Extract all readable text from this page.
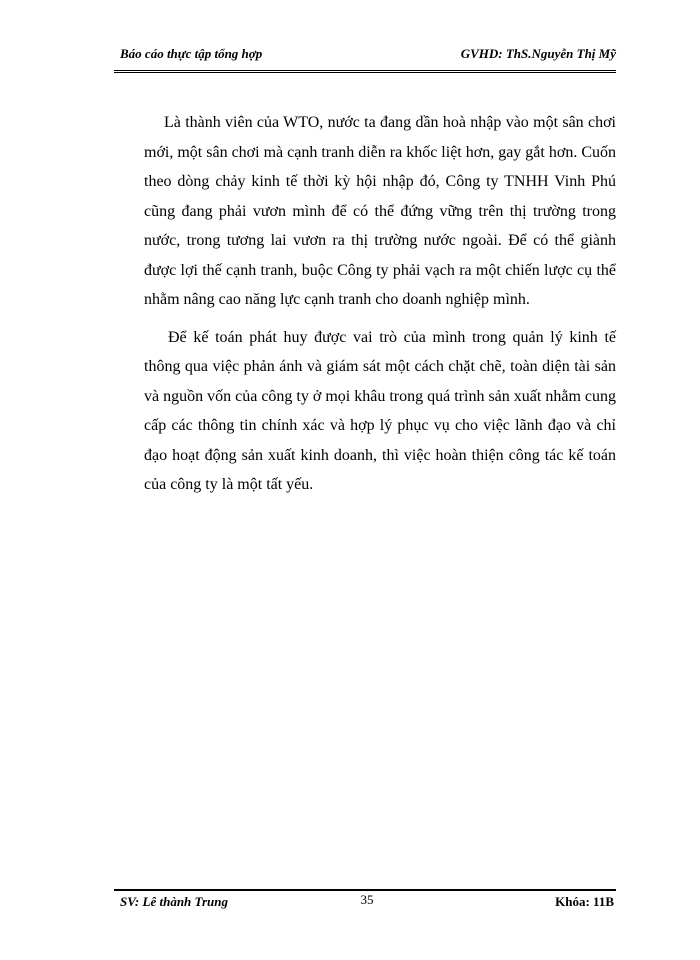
Báo cáo thực tập tổng hợp	GVHD: ThS.Nguyễn Thị Mỹ

Là thành viên của WTO, nước ta đang dần hoà nhập vào một sân chơi mới, một sân chơi mà cạnh tranh diễn ra khốc liệt hơn, gay gắt hơn. Cuốn theo dòng chảy kinh tế thời kỳ hội nhập đó, Công ty TNHH Vinh Phú cũng đang phải vươn mình để có thể đứng vững trên thị trường trong nước, trong tương lai vươn ra thị trường nước ngoài. Để có thể giành được lợi thế cạnh tranh, buộc Công ty phải vạch ra một chiến lược cụ thể nhằm nâng cao năng lực cạnh tranh cho doanh nghiệp mình.

Để kế toán phát huy được vai trò của mình trong quản lý kinh tế thông qua việc phản ánh và giám sát một cách chặt chẽ, toàn diện tài sản và nguồn vốn của công ty ở mọi khâu trong quá trình sản xuất nhằm cung cấp các thông tin chính xác và hợp lý phục vụ cho việc lãnh đạo và chỉ đạo hoạt động sản xuất kinh doanh, thì việc hoàn thiện công tác kế toán của công ty là một tất yếu.

SV: Lê thành Trung	35	Khóa: 11B
